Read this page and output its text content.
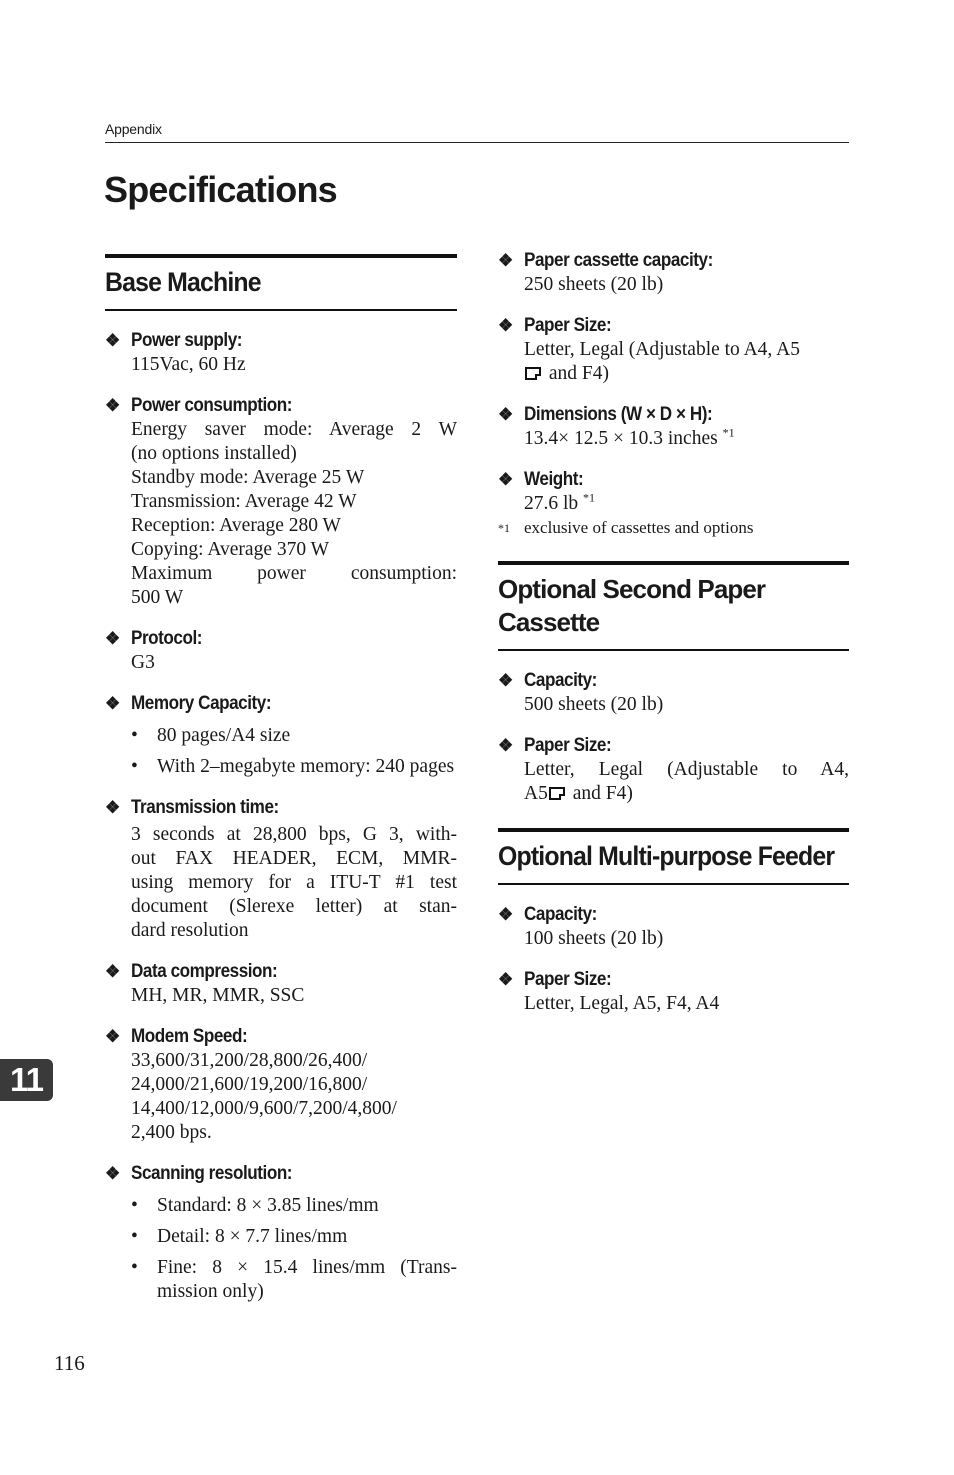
Appendix
Specifications
Base Machine
❖ Power supply:
115Vac, 60 Hz
❖ Power consumption:
Energy saver mode: Average 2 W
(no options installed)
Standby mode: Average 25 W
Transmission: Average 42 W
Reception: Average 280 W
Copying: Average 370 W
Maximum power consumption:
500 W
❖ Protocol:
G3
❖ Memory Capacity:
• 80 pages/A4 size
• With 2–megabyte memory: 240 pages
❖ Transmission time:
3 seconds at 28,800 bps, G 3, with-
out FAX HEADER, ECM, MMR-
using memory for a ITU-T #1 test
document (Slerexe letter) at stan-
dard resolution
❖ Data compression:
MH, MR, MMR, SSC
❖ Modem Speed:
33,600/31,200/28,800/26,400/
24,000/21,600/19,200/16,800/
14,400/12,000/9,600/7,200/4,800/
2,400 bps.
❖ Scanning resolution:
• Standard: 8 × 3.85 lines/mm
• Detail: 8 × 7.7 lines/mm
• Fine: 8 × 15.4 lines/mm (Trans-mission only)
❖ Paper cassette capacity:
250 sheets (20 lb)
❖ Paper Size:
Letter, Legal (Adjustable to A4, A5
and F4)
❖ Dimensions (W × D × H):
13.4× 12.5 × 10.3 inches $^{*1}$
❖ Weight:
27.6 lb $^{*1}$
*1 exclusive of cassettes and options
Optional Second Paper Cassette
❖ Capacity:
500 sheets (20 lb)
❖ Paper Size:
Letter, Legal (Adjustable to A4,
A5 and F4)
Optional Multi-purpose Feeder
❖ Capacity:
100 sheets (20 lb)
❖ Paper Size:
Letter, Legal, A5, F4, A4
11
116
